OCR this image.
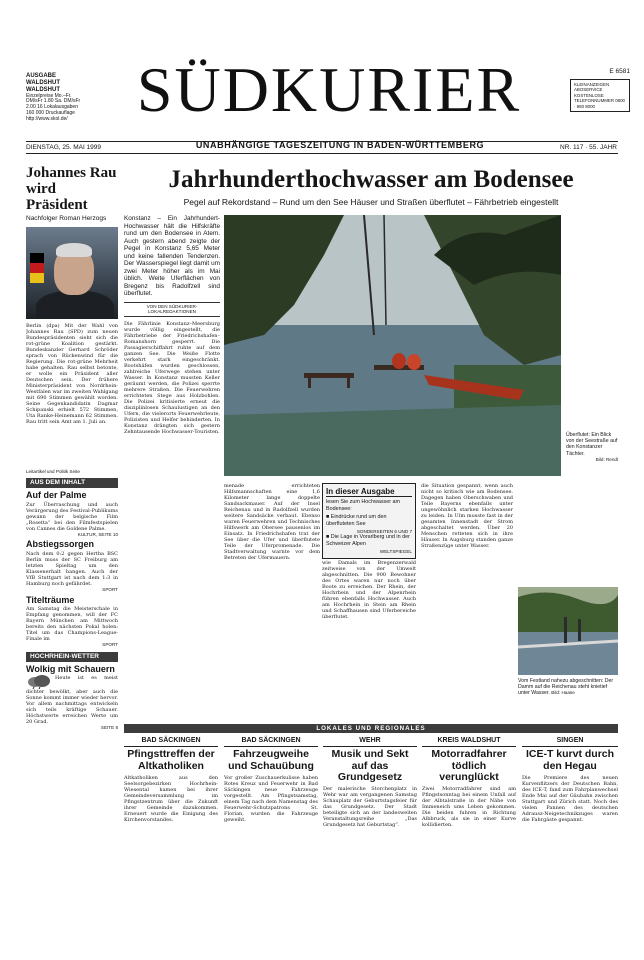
AUSGABE WALDSHUT WALDSHUT
Einzelpreise Mo.–Fr. DM/sFr 1.80 Sa. DM/sFr 2.00 16 Lokalausgaben 160 000 Druckauflage http://www.skol.de/	SÜDKURIER
UNABHÄNGIGE TAGESZEITUNG IN BADEN-WÜRTTEMBERG
E 6581
KLEINANZEIGEN ABOSERVICE KOSTENLOSE TELEFONNUMMER 0800 · 880 8000
DIENSTAG, 25. MAI 1999	NR. 117 · 55. JAHR
Johannes Rau wird Präsident
Nachfolger Roman Herzogs
Berlin (dpa) Mit der Wahl von Johannes Rau (SPD) zum neuen Bundespräsidenten sieht sich die rot-grüne Koalition gestärkt. Bundeskanzler Gerhard Schröder sprach von Rückenwind für die Regierung. Die rot-grüne Mehrheit habe gehalten. Rau selbst betonte, er wolle ein Präsident aller Deutschen sein. Der frühere Ministerpräsident von Nordrhein-Westfalen war im zweiten Wahlgang mit 690 Stimmen gewählt worden. Seine Gegenkandidatin Dagmar Schipanski erhielt 572 Stimmen, Uta Ranke-Heinemann 62 Stimmen. Rau tritt sein Amt am 1. Juli an.
Leitartikel und Politik Seite
AUS DEM INHALT
Auf der Palme
Zur Überraschung und auch Verärgerung des Festival-Publikums gewann der belgische Film „Rosetta“ bei den Filmfestspielen von Cannes die Goldene Palme.
KULTUR, SEITE 10
Abstiegssorgen
Nach dem 0:2 gegen Hertha BSC Berlin muss der SC Freiburg am letzten Spieltag um den Klassenerhalt bangen. Auch der VfB Stuttgart ist nach dem 1:3 in Hamburg noch gefährdet.
SPORT
Titelträume
Am Samstag die Meisterschale in Empfang genommen, will der FC Bayern München am Mittwoch bereits den nächsten Pokal holen: Titel um das Champions-League-Finale im
SPORT
HOCHRHEIN-WETTER
Wolkig mit Schauern
Heute ist es meist dichter bewölkt, aber auch die Sonne kommt immer wieder hervor. Vor allem nachmittags entwickeln sich teils kräftige Schauer. Höchstwerte erreichen Werte um 20 Grad.
SEITE 8
Jahrhunderthochwasser am Bodensee
Pegel auf Rekordstand – Rund um den See Häuser und Straßen überflutet – Fährbetrieb eingestellt
Konstanz – Ein Jahrhundert-Hochwasser hält die Hilfskräfte rund um den Bodensee in Atem. Auch gestern abend zeigte der Pegel in Konstanz 5,65 Meter und keine fallenden Tendenzen. Der Wasserspiegel liegt damit um zwei Meter höher als im Mai üblich. Weite Uferflächen von Bregenz bis Radolfzell sind überflutet.
VON DEN SÜDKURIER-LOKALREDAKTIONEN
Die Fährlinie Konstanz–Meersburg wurde völlig eingestellt, die Fährbetriebe der Friedrichshafen–Romanshorn gesperrt. Die Passagierschiffahrt ruhte auf dem ganzen See. Die Weiße Flotte verkehrt stark eingeschränkt. Bootshäfen wurden geschlossen, zahlreiche Uferwege stehen unter Wasser. In Konstanz mussten Keller geräumt werden, die Polizei sperrte mehrere Straßen. Die Feuerwehren errichteten Stege aus Holzbohlen. Die Polizei kritisierte erneut die disziplinlosen Schaulustigen an den Ufern, die vielerorts Feuerwehrleute, Polizisten und Helfer behinderten. In Konstanz drängten sich gestern Zehntausende Hochwasser-Touristen.
Überflutet: Ein Blick von der Seestraße auf den Konstanzer Tächter.
Bild: Rendl
menade errichteten Hilfsmannschaften eine 1,6 Kilometer lange doppelte Sandsackmauer. Auf der Insel Reichenau und in Radolfzell wurden weitere Sandsäcke verbaut. Ebenso waren Feuerwehren und Technisches Hilfswerk am Obersee pausenlos im Einsatz. In Friedrichshafen trat der See über die Ufer und überflutete Teile der Uferpromenade. Die Stadtverwaltung warnte vor dem Betreten der Ufermauern.
In dieser Ausgabe
lesen Sie zum Hochwasser am Bodensee:
■ Eindrücke rund um den überfluteten See
SONDERSEITEN 6 UND 7
■ Die Lage in Vorarlberg und in der Schweizer Alpen
WELTSPIEGEL
wie Damals im Bregenzerwald zeitweise von der Umwelt abgeschnitten. Die 900 Bewohner des Ortes waren nur noch über Boote zu erreichen. Der Rhein, der Hochrhein und der Alpenrhein führen ebenfalls Hochwasser. Auch am Hochrhein in Stein am Rhein und Schaffhausen sind Uferbereiche überflutet.
die Situation gespannt, wenn auch nicht so kritisch wie am Bodensee. Dagegen haben Oberschwaben und Teile Bayerns ebenfalls unter ungewöhnlich starken Hochwasser zu leiden. In Ulm musste fast in der gesamten Innenstadt der Strom abgeschaltet werden. Über 20 Menschen retteten sich in ihre Häuser. In Augsburg standen ganze Straßenzüge unter Wasser.
Vom Festland nahezu abgeschnitten: Der Damm auf die Reichenau steht knietief unter Wasser. Bild: Haase
LOKALES UND REGIONALES
BAD SÄCKINGEN
Pfingsttreffen der Altkatholiken
Altkatholiken aus den Seelsorgebezirken Hochrhein-Wiesental kamen bei ihrer Gemeindeversammlung im Pfingstzentrum über die Zukunft ihrer Gemeinde dazukommen. Erneuert wurde die Einigung des Kirchenvorstandes.
BAD SÄCKINGEN
Fahrzeugweihe und Schauübung
Vor großer Zuschauerkulisse haben Rotes Kreuz und Feuerwehr in Bad Säckingen neue Fahrzeuge vorgestellt. Am Pfingstsamstag, einem Tag nach dem Namenstag des Feuerwehr-Schutzpatrons St. Florian, wurden die Fahrzeuge geweiht.
WEHR
Musik und Sekt auf das Grundgesetz
Der malerische Storchenplatz in Wehr war am vergangenen Samstag Schauplatz der Geburtstagsfeier für das Grundgesetz. Der Stadt beteiligte sich an der landesweiten Veranstaltungsreihe „Das Grundgesetz hat Geburtstag“.
KREIS WALDSHUT
Motorradfahrer tödlich verunglückt
Zwei Motorradfahrer sind am Pfingstsonntag bei einem Unfall auf der Albtalstraße in der Nähe von Immeneich ums Leben gekommen. Die beiden fuhren in Richtung Albbruck, als sie in einer Kurve kollidierten.
SINGEN
ICE-T kurvt durch den Hegau
Die Premiere des neuen Kurvenflitzers der Deutschen Bahn, des ICE-T, fand zum Fahrplanwechsel Ende Mai auf der Gäubahn zwischen Stuttgart und Zürich statt. Noch des vielen Pannen des deutschen Adrausz-Neigetechnikzuges waren die Fahrgäste gespannt.
